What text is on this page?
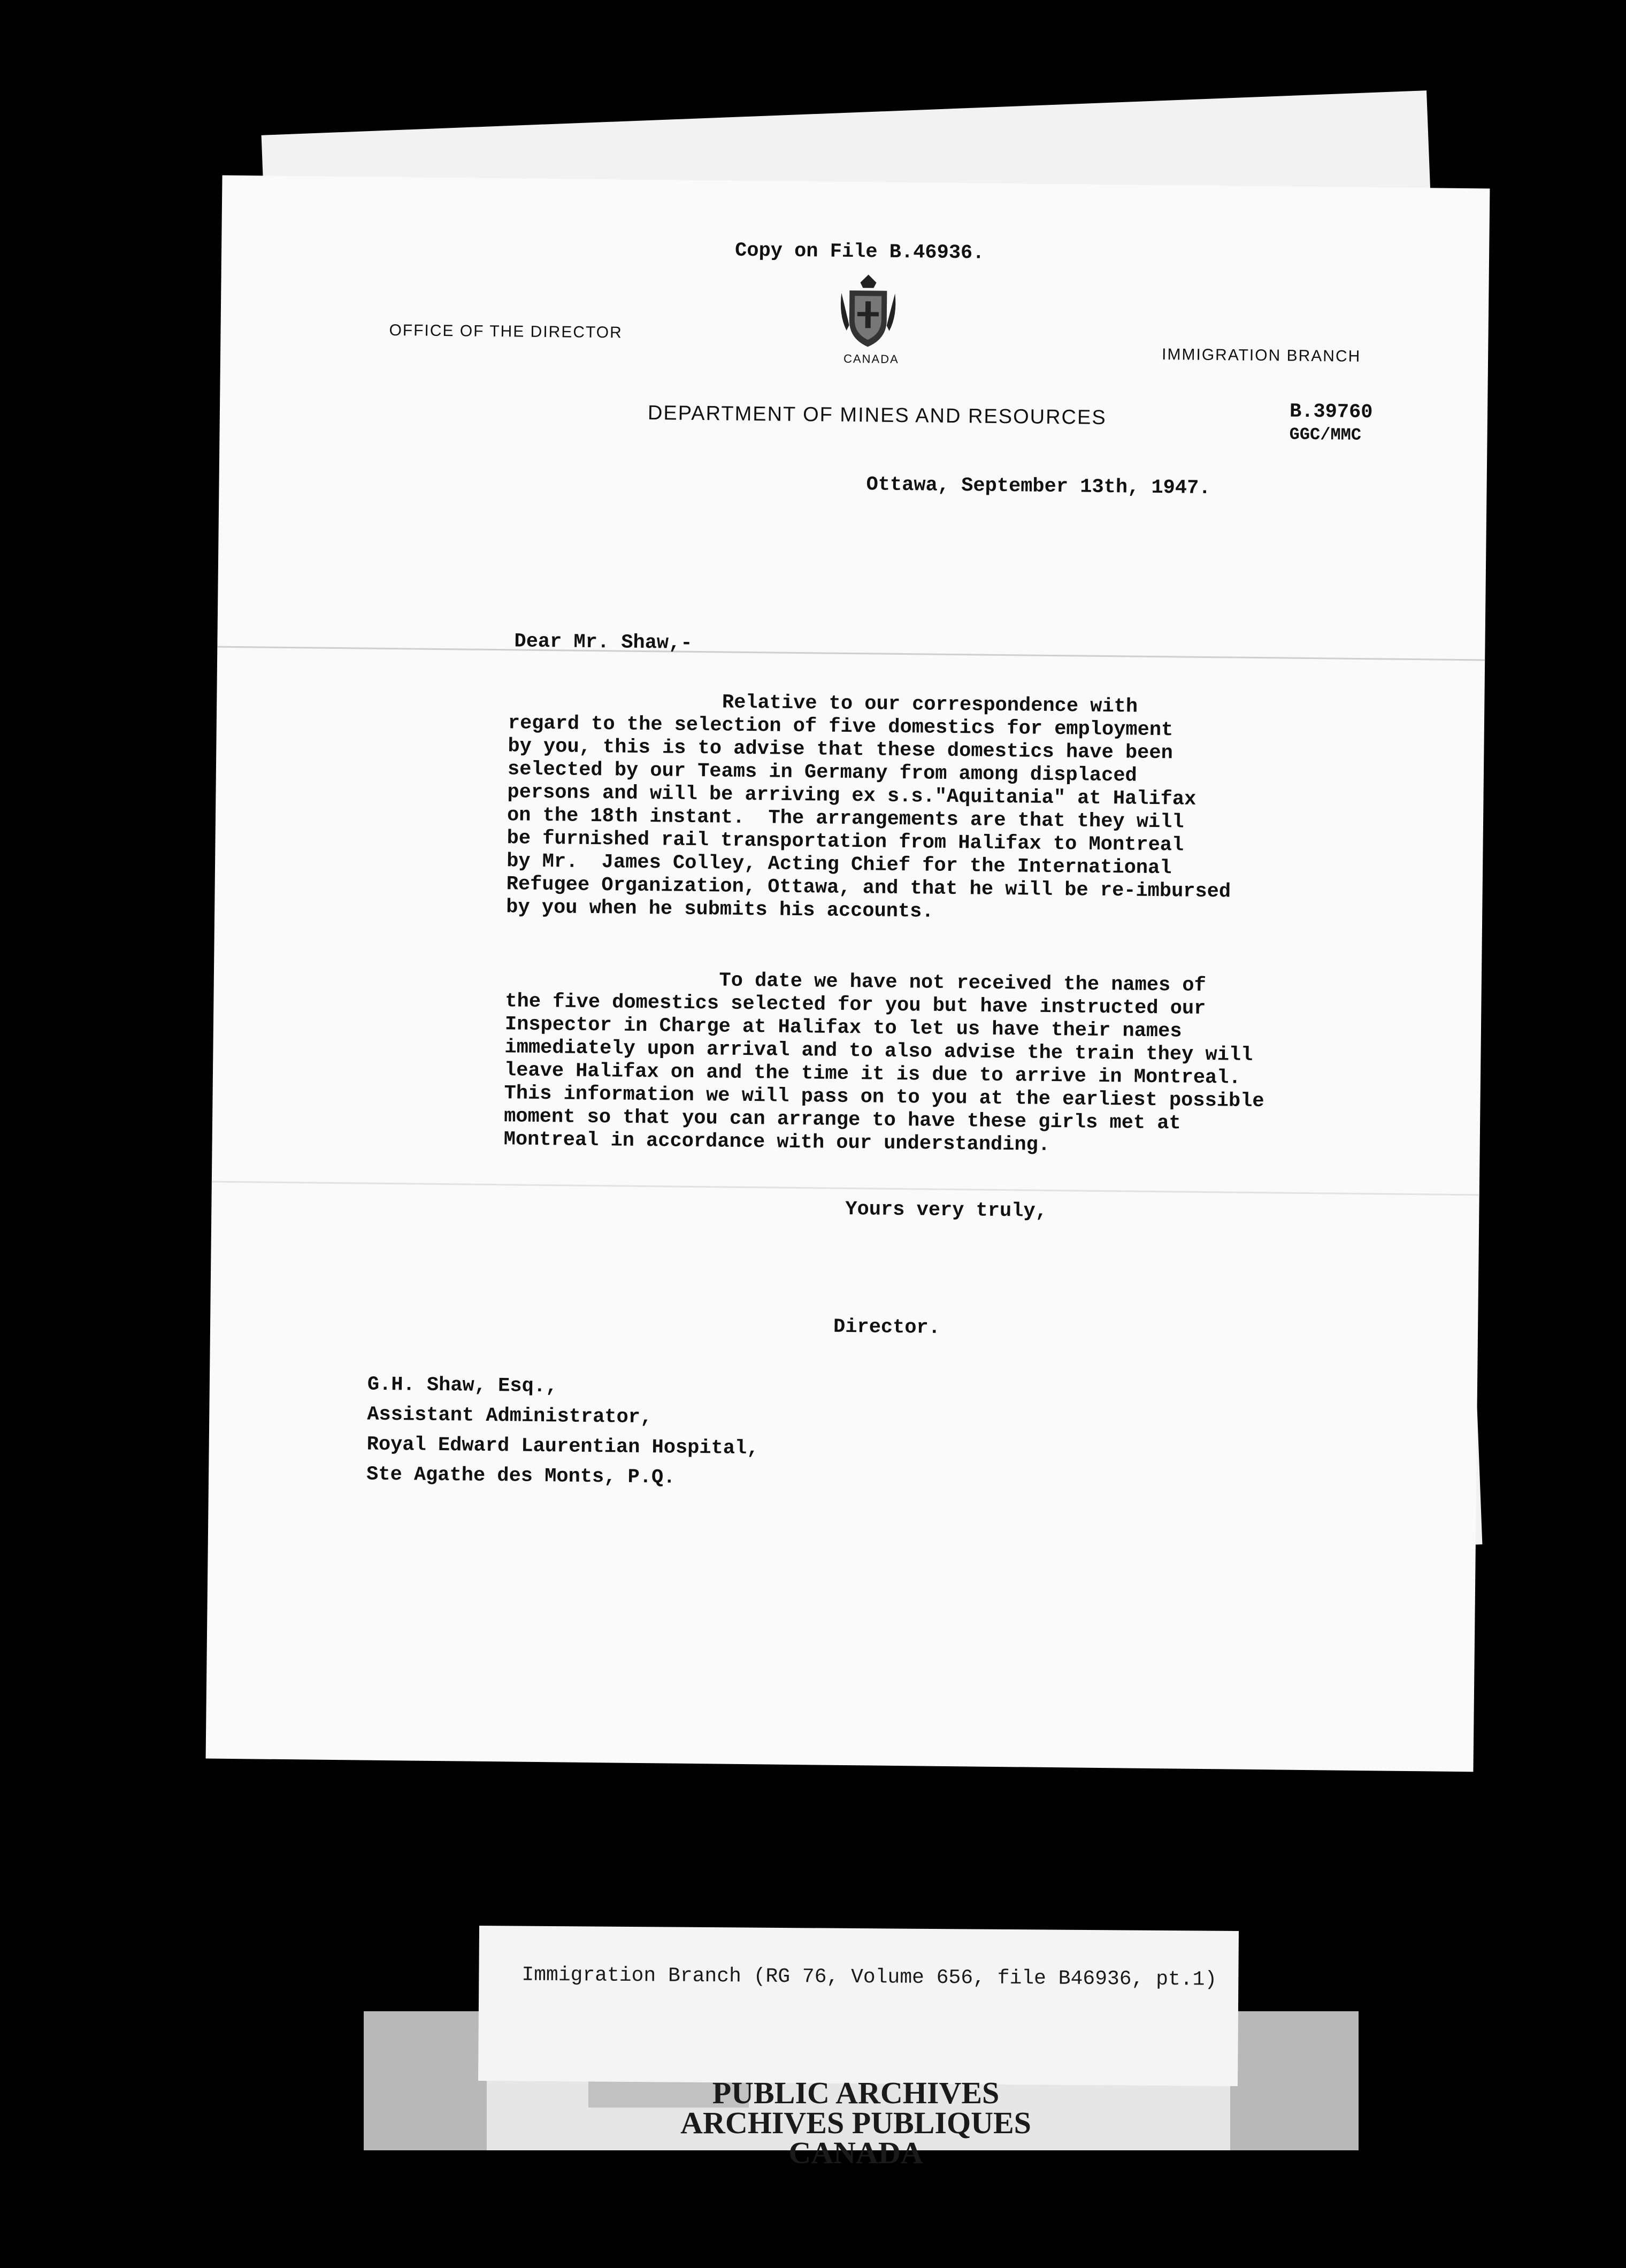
Copy on File B.46936.
CANADA
OFFICE OF THE DIRECTOR
IMMIGRATION BRANCH
DEPARTMENT OF MINES AND RESOURCES	B.39760
GGC/MMC
Ottawa, September 13th, 1947.
Dear Mr. Shaw,-
Relative to our correspondence with
regard to the selection of five domestics for employment
by you, this is to advise that these domestics have been
selected by our Teams in Germany from among displaced
persons and will be arriving ex s.s."Aquitania" at Halifax
on the 18th instant.  The arrangements are that they will
be furnished rail transportation from Halifax to Montreal
by Mr.  James Colley, Acting Chief for the International
Refugee Organization, Ottawa, and that he will be re-imbursed
by you when he submits his accounts.
To date we have not received the names of
the five domestics selected for you but have instructed our
Inspector in Charge at Halifax to let us have their names
immediately upon arrival and to also advise the train they will
leave Halifax on and the time it is due to arrive in Montreal.
This information we will pass on to you at the earliest possible
moment so that you can arrange to have these girls met at
Montreal in accordance with our understanding.
Yours very truly,
Director.
G.H. Shaw, Esq.,
Assistant Administrator,
Royal Edward Laurentian Hospital,
Ste Agathe des Monts, P.Q.
Immigration Branch (RG 76, Volume 656, file B46936, pt.1)
PUBLIC ARCHIVES
ARCHIVES PUBLIQUES
CANADA
